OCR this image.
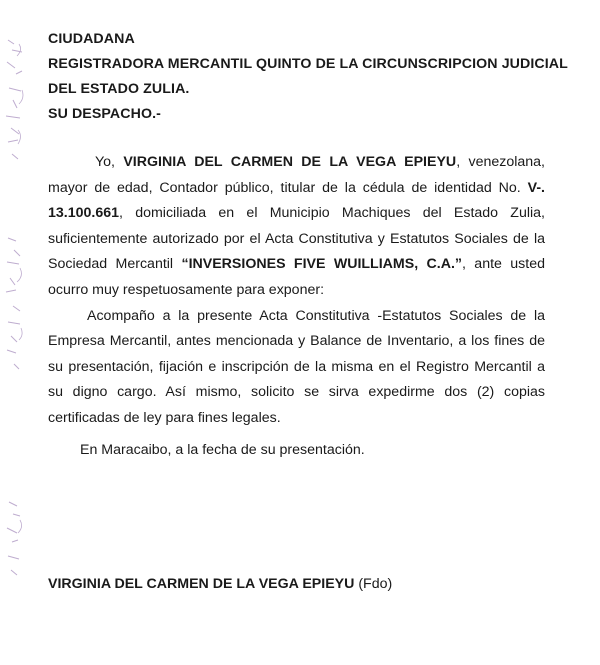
CIUDADANA
REGISTRADORA MERCANTIL QUINTO DE LA CIRCUNSCRIPCION JUDICIAL
DEL ESTADO ZULIA.
SU DESPACHO.-

Yo, VIRGINIA DEL CARMEN DE LA VEGA EPIEYU, venezolana, mayor de edad, Contador público, titular de la cédula de identidad No. V-. 13.100.661, domiciliada en el Municipio Machiques del Estado Zulia, suficientemente autorizado por el Acta Constitutiva y Estatutos Sociales de la Sociedad Mercantil “INVERSIONES FIVE WUILLIAMS, C.A.”, ante usted ocurro muy respetuosamente para exponer:

Acompaño a la presente Acta Constitutiva -Estatutos Sociales de la Empresa Mercantil, antes mencionada y Balance de Inventario, a los fines de su presentación, fijación e inscripción de la misma en el Registro Mercantil a su digno cargo. Así mismo, solicito se sirva expedirme dos (2) copias certificadas de ley para fines legales.

En Maracaibo, a la fecha de su presentación.

VIRGINIA DEL CARMEN DE LA VEGA EPIEYU (Fdo)
